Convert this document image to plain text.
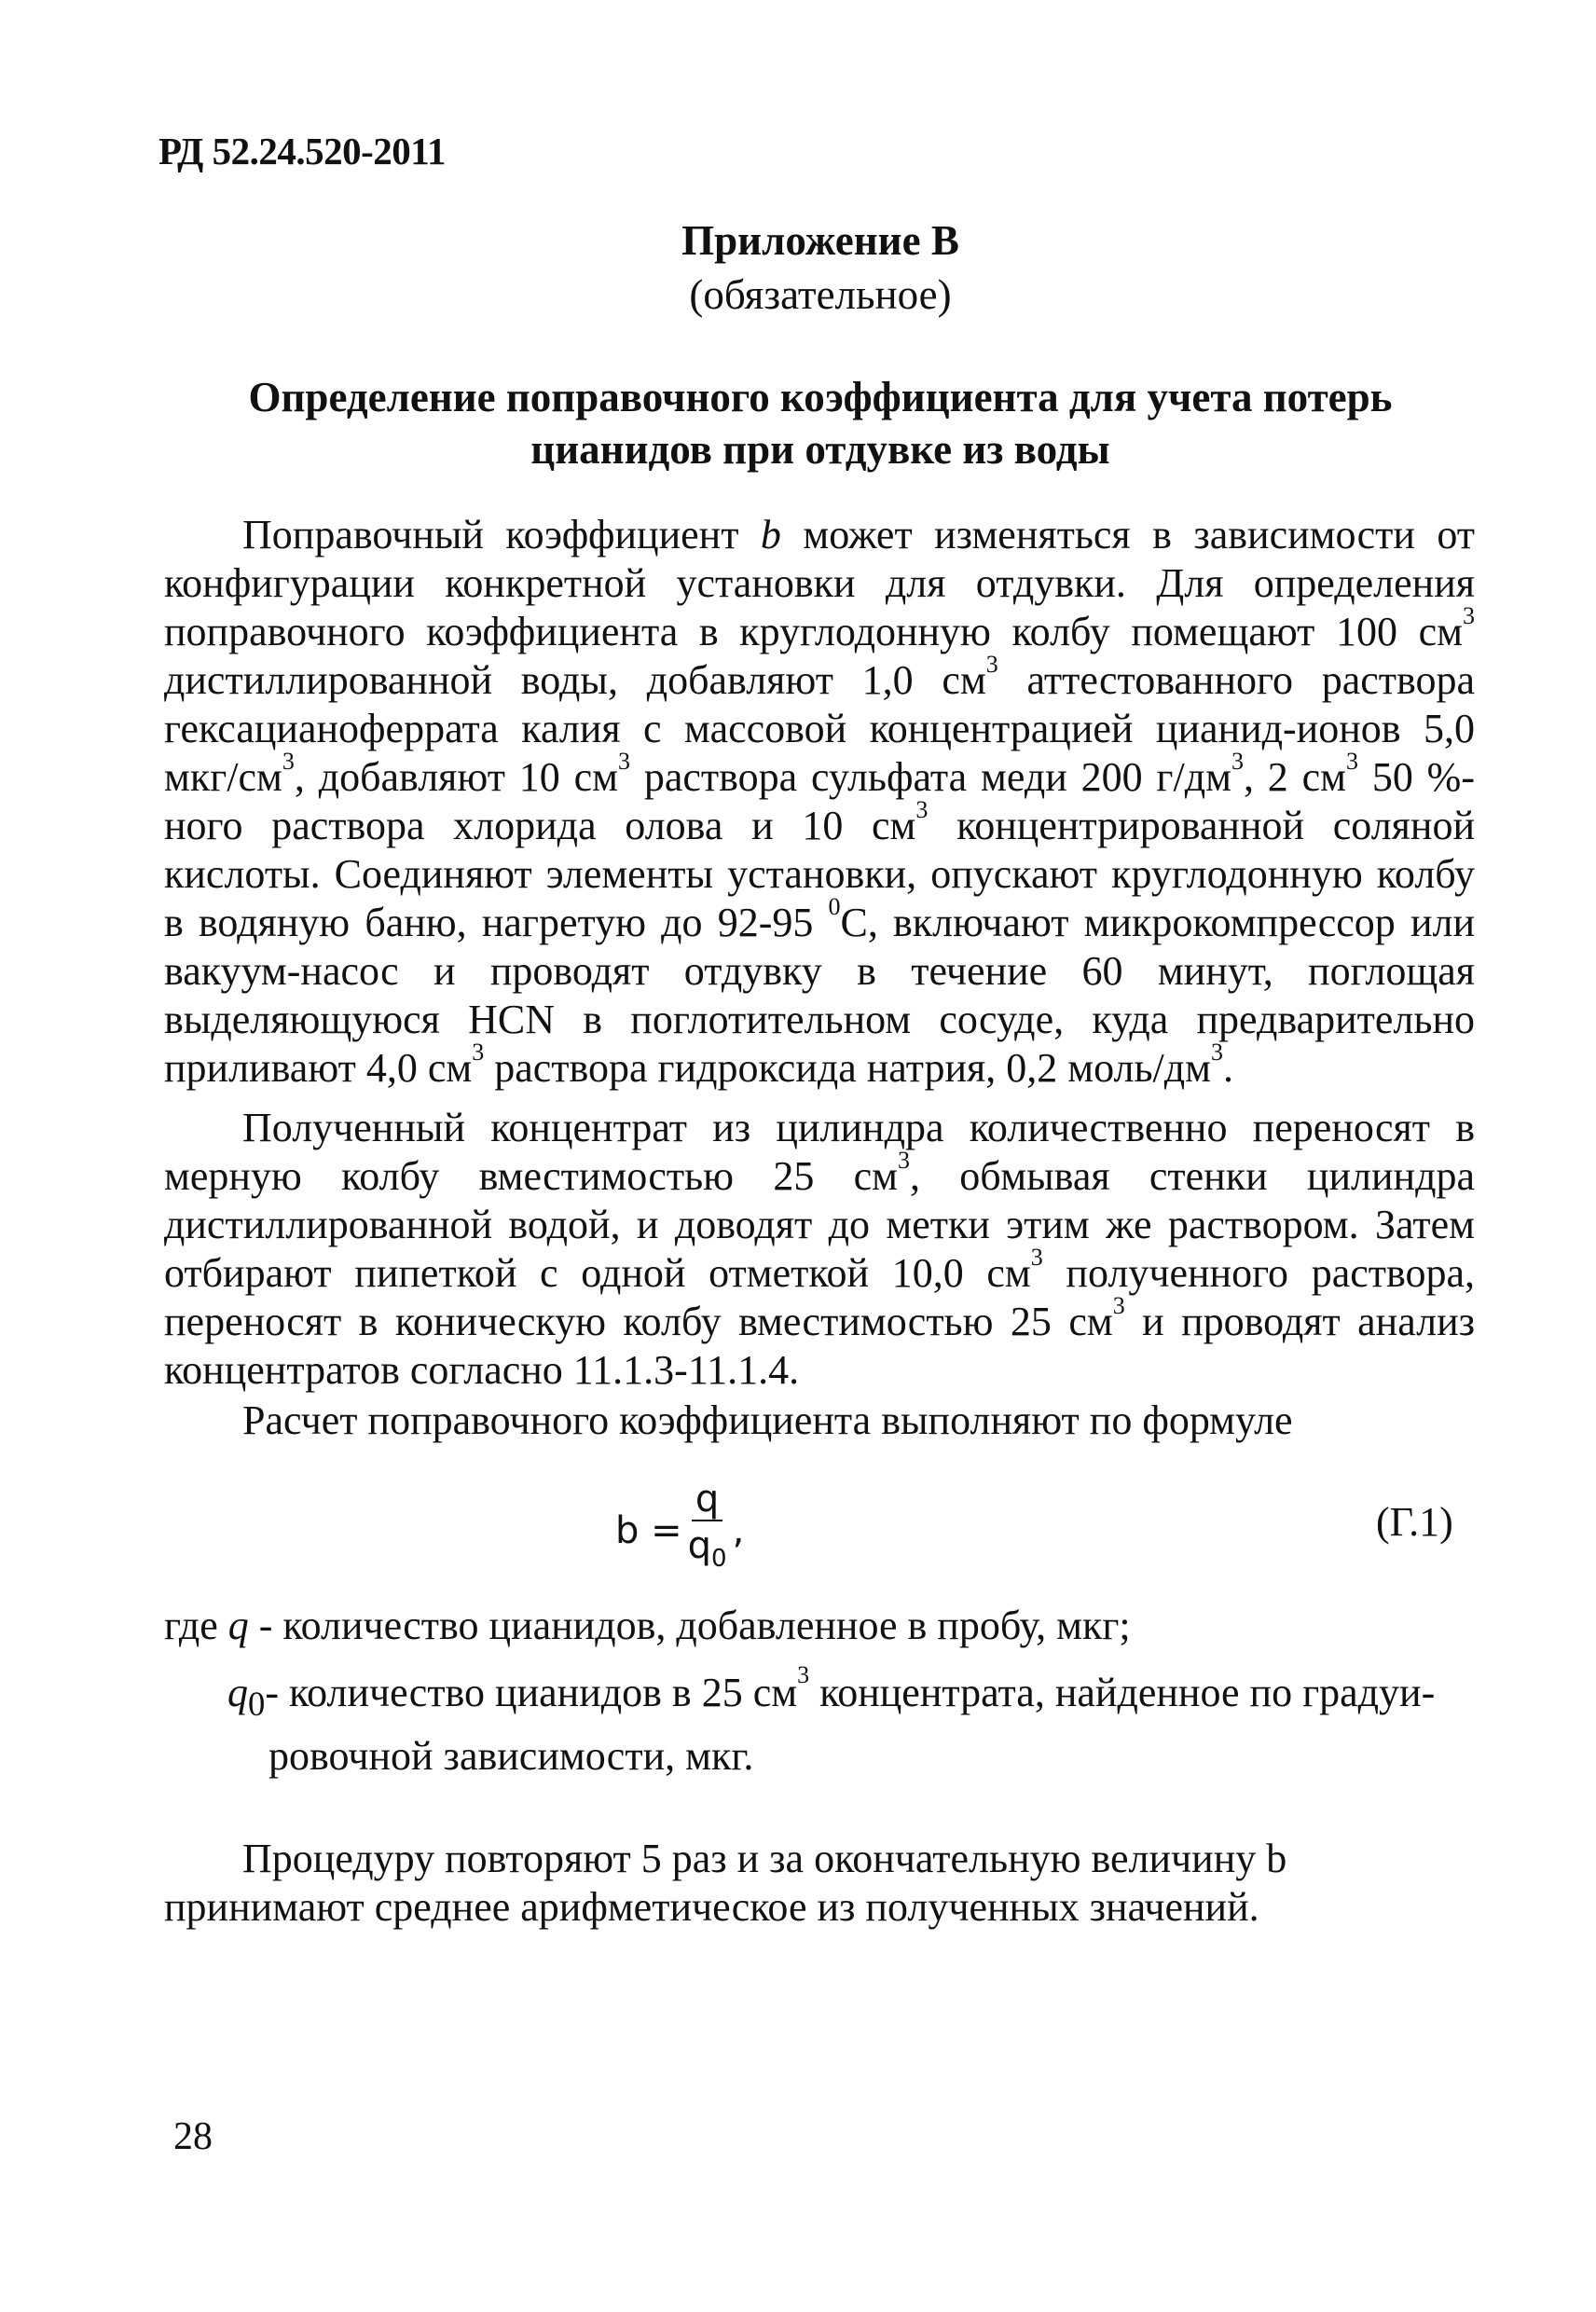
РД 52.24.520-2011

Приложение В

(обязательное)

Определение поправочного коэффициента для учета потерь
цианидов при отдувке из воды

Поправочный коэффициент b может изменяться в зависимости от конфигурации конкретной установки для отдувки. Для определения поправочного коэффициента в круглодонную колбу помещают 100 $см^3$ дистиллированной воды, добавляют 1,0 $см^3$ аттестованного раствора гексацианоферрата калия с массовой концентрацией цианид-ионов 5,0 мкг/$см^3$, добавляют 10 $см^3$ раствора сульфата меди 200 $г/дм^3$, 2 $см^3$ 50 %-ного раствора хлорида олова и 10 $см^3$ концентрированной соляной кислоты. Соединяют элементы установки, опускают круглодонную колбу в водяную баню, нагретую до 92-95 $^0$С, включают микрокомпрессор или вакуум-насос и проводят отдувку в течение 60 минут, поглощая выделяющуюся HCN в поглотительном сосуде, куда предварительно приливают 4,0 $см^3$ раствора гидроксида натрия, 0,2 моль/$дм^3$.

Полученный концентрат из цилиндра количественно переносят в мерную колбу вместимостью 25 $см^3$, обмывая стенки цилиндра дистиллированной водой, и доводят до метки этим же раствором. Затем отбирают пипеткой с одной отметкой 10,0 $см^3$ полученного раствора, переносят в коническую колбу вместимостью 25 $см^3$ и проводят анализ концентратов согласно 11.1.3-11.1.4.

Расчет поправочного коэффициента выполняют по формуле

$b = \frac{q}{q_0}$ ,	(Г.1)

где q - количество цианидов, добавленное в пробу, мкг;

$q_0-$ количество цианидов в 25 $см^3$ концентрата, найденное по градуи-
ровочной зависимости, мкг.

Процедуру повторяют 5 раз и за окончательную величину b принимают среднее арифметическое из полученных значений.

28
